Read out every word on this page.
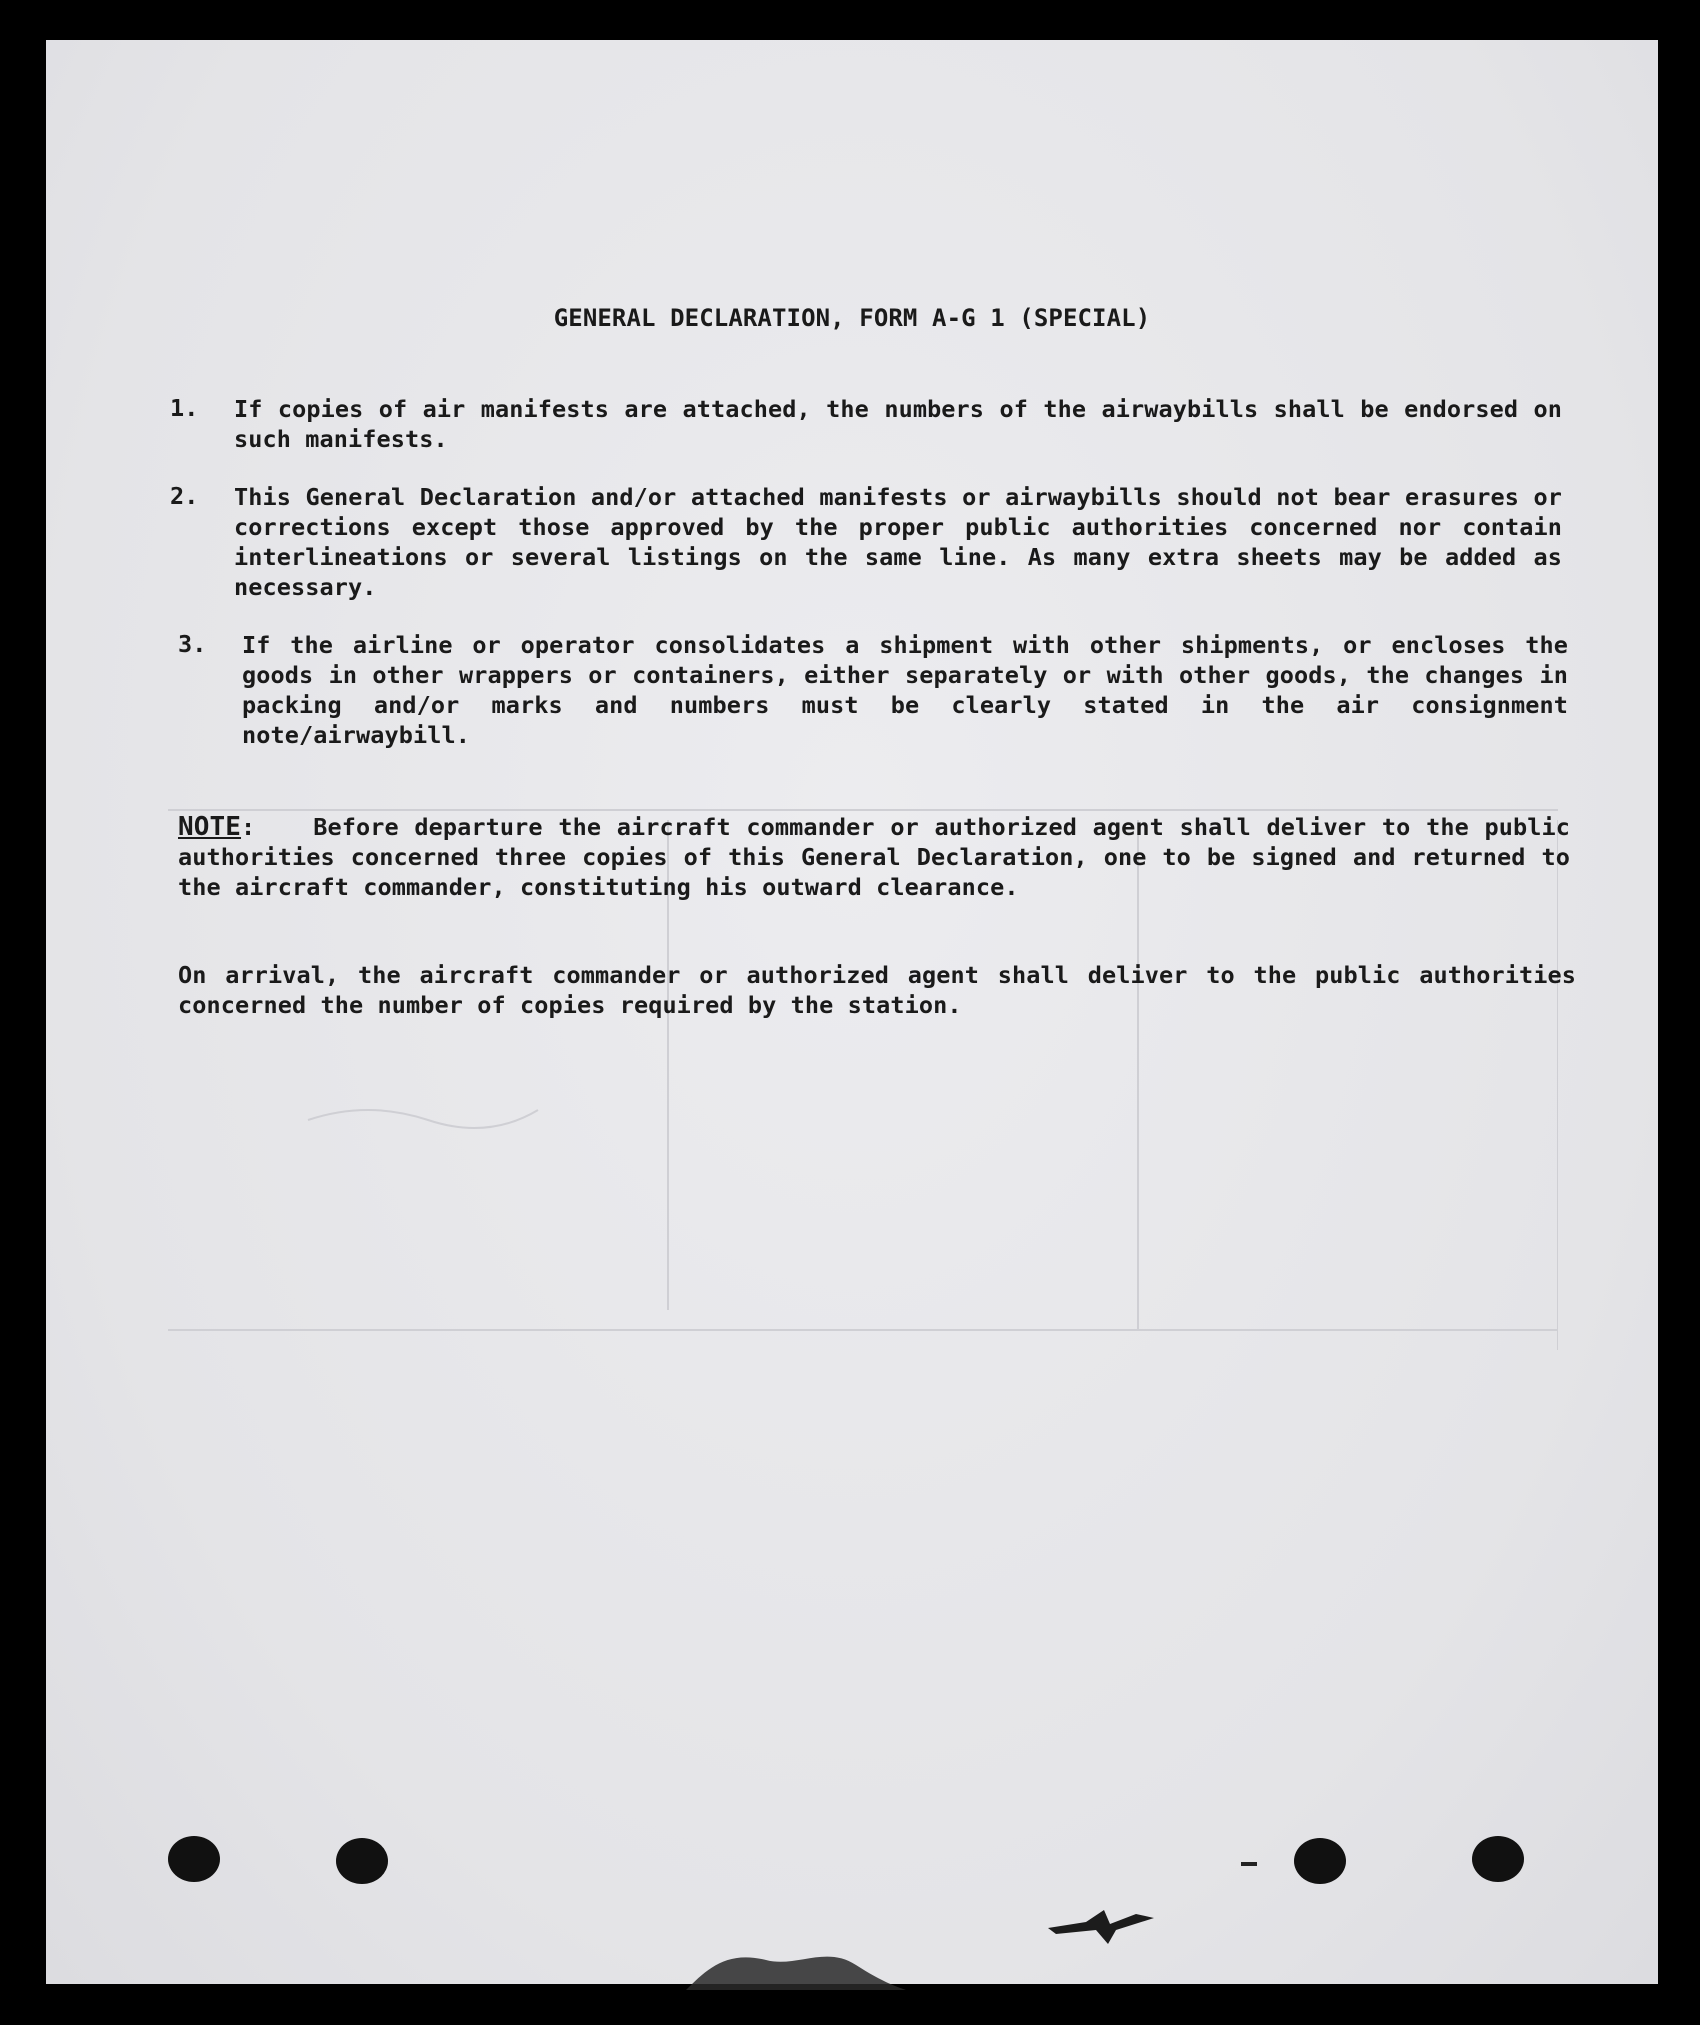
GENERAL DECLARATION, FORM A-G 1 (SPECIAL)
1.	If copies of air manifests are attached, the numbers of the airwaybills shall be endorsed on such manifests.

2.	This General Declaration and/or attached manifests or airwaybills should not bear erasures or corrections except those approved by the proper public authorities concerned nor contain interlineations or several listings on the same line. As many extra sheets may be added as necessary.

3.	If the airline or operator consolidates a shipment with other shipments, or encloses the goods in other wrappers or containers, either separately or with other goods, the changes in packing and/or marks and numbers must be clearly stated in the air consignment note/airwaybill.

NOTE: Before departure the aircraft commander or authorized agent shall deliver to the public authorities concerned three copies of this General Declaration, one to be signed and returned to the aircraft commander, constituting his outward clearance.

On arrival, the aircraft commander or authorized agent shall deliver to the public authorities concerned the number of copies required by the station.
